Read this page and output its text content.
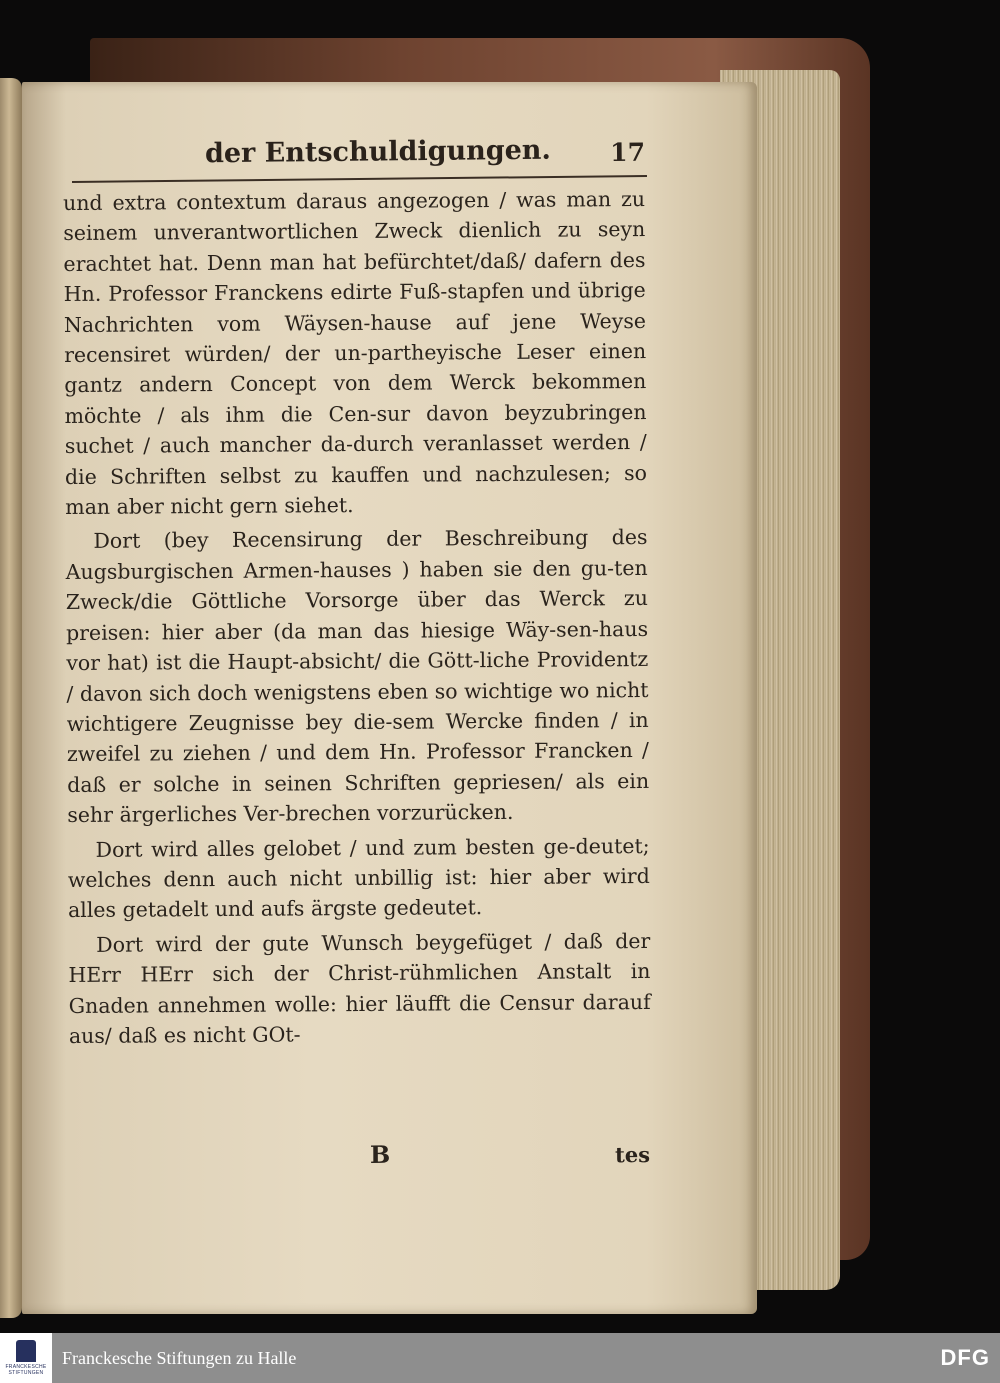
der Entschuldigungen. 17

und extra contextum daraus angezogen / was man zu seinem unverantwortlichen Zweck dienlich zu seyn erachtet hat. Denn man hat befürchtet/daß/ dafern des Hn. Professor Franckens edirte Fuß-stapfen und übrige Nachrichten vom Wäysen-hause auf jene Weyse recensiret würden/ der un-partheyische Leser einen gantz andern Concept von dem Werck bekommen möchte / als ihm die Cen-sur davon beyzubringen suchet / auch mancher da-durch veranlasset werden / die Schriften selbst zu kauffen und nachzulesen; so man aber nicht gern siehet.

Dort (bey Recensirung der Beschreibung des Augsburgischen Armen-hauses ) haben sie den gu-ten Zweck/die Göttliche Vorsorge über das Werck zu preisen: hier aber (da man das hiesige Wäy-sen-haus vor hat) ist die Haupt-absicht/ die Gött-liche Providentz / davon sich doch wenigstens eben so wichtige wo nicht wichtigere Zeugnisse bey die-sem Wercke finden / in zweifel zu ziehen / und dem Hn. Professor Francken / daß er solche in seinen Schriften gepriesen/ als ein sehr ärgerliches Ver-brechen vorzurücken.

Dort wird alles gelobet / und zum besten ge-deutet; welches denn auch nicht unbillig ist: hier aber wird alles getadelt und aufs ärgste gedeutet.

Dort wird der gute Wunsch beygefüget / daß der HErr HErr sich der Christ-rühmlichen Anstalt in Gnaden annehmen wolle: hier läufft die Censur darauf aus/ daß es nicht GOt-

B	tes
FRANCKESCHE STIFTUNGEN
Franckesche Stiftungen zu Halle	DFG
